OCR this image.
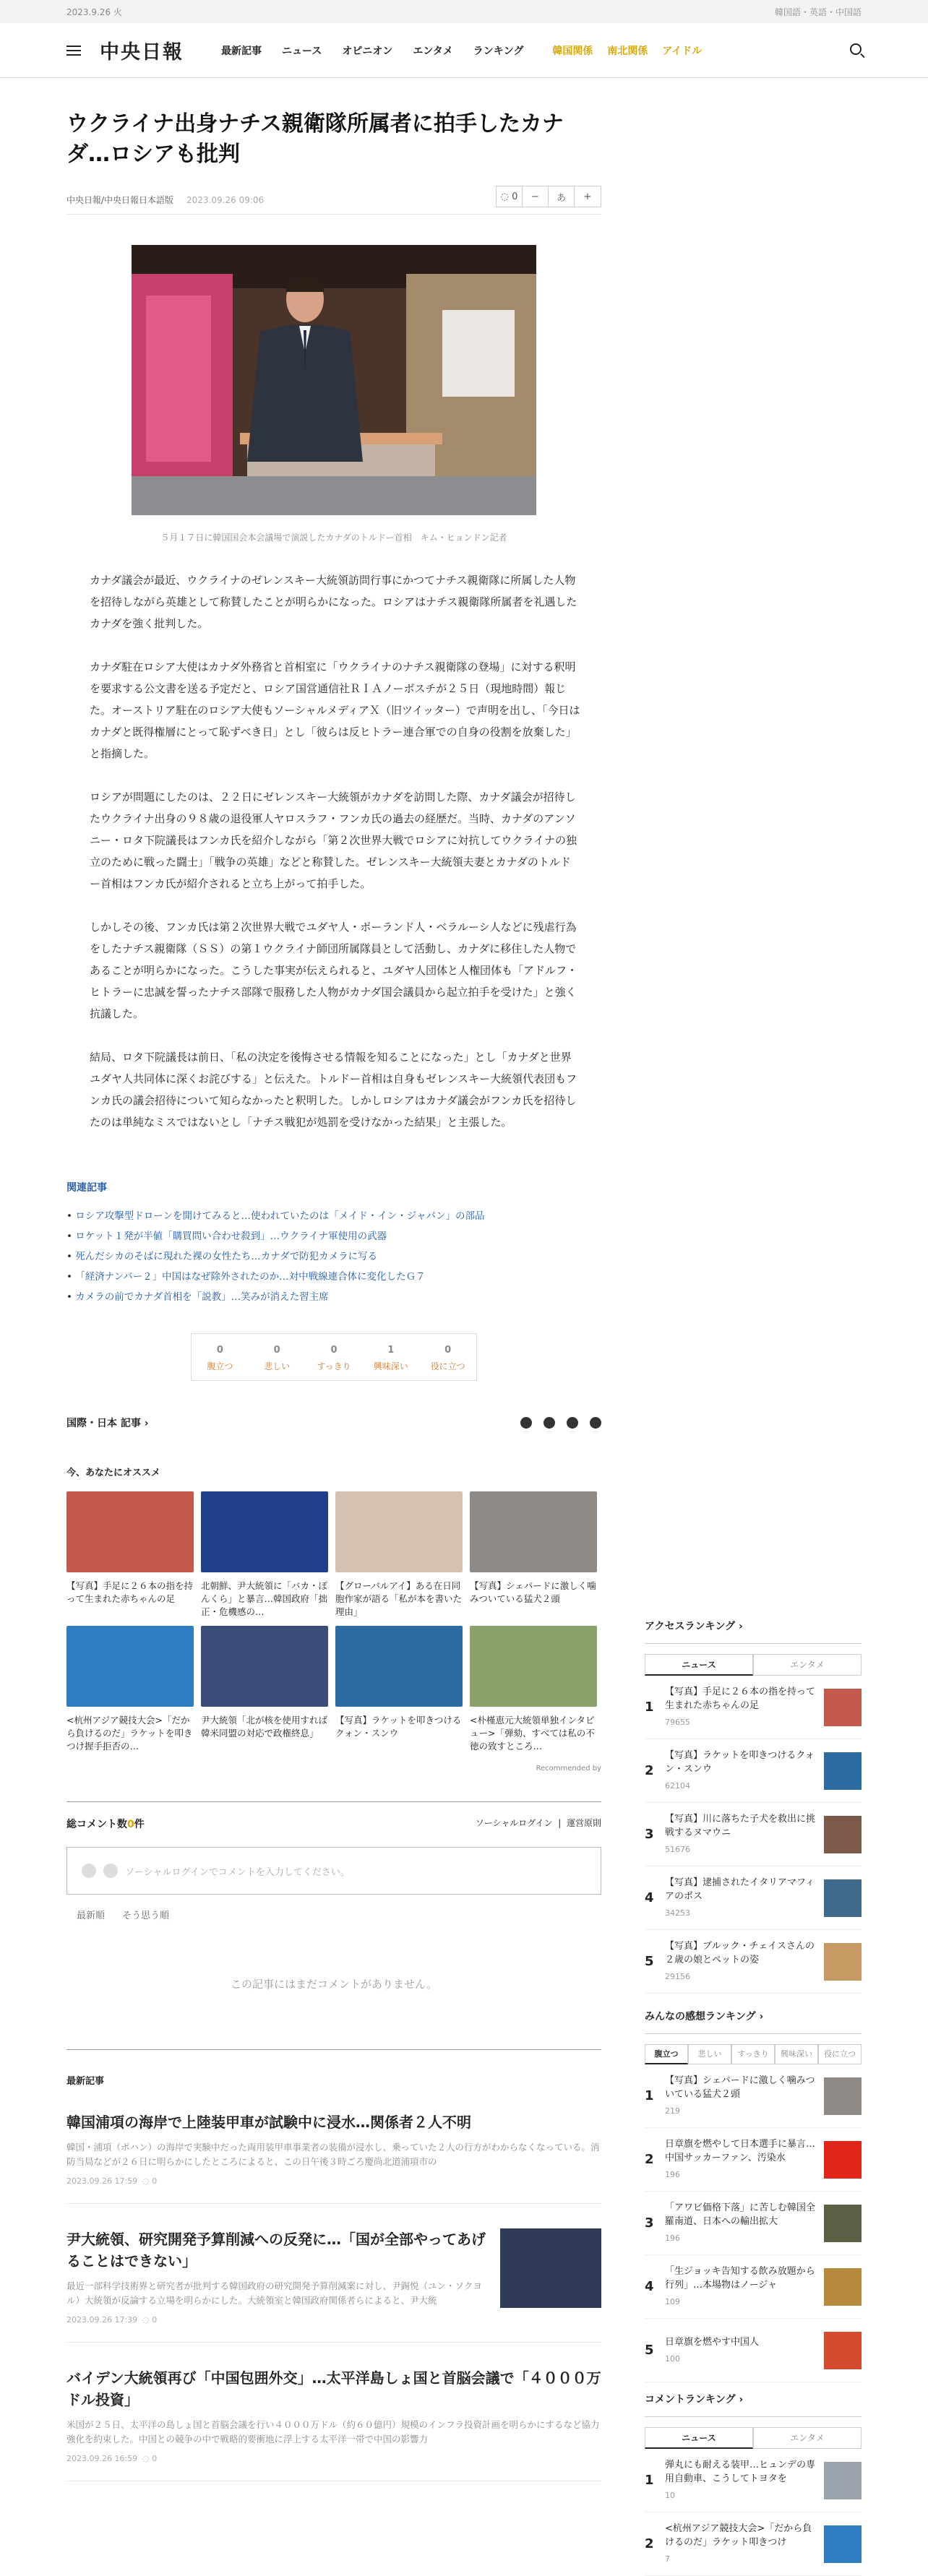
2023.9.26 火	韓国語・英語・中国語
中央日報	最新記事 ニュース オピニオン エンタメ ランキング	韓国関係 南北関係 アイドル
ウクライナ出身ナチス親衛隊所属者に拍手したカナダ…ロシアも批判
中央日報/中央日報日本語版 2023.09.26 09:06	◌ 0	−	あ	+
５月１７日に韓国国会本会議場で演説したカナダのトルドー首相　キム・ヒョンドン記者

カナダ議会が最近、ウクライナのゼレンスキー大統領訪問行事にかつてナチス親衛隊に所属した人物を招待しながら英雄として称賛したことが明らかになった。ロシアはナチス親衛隊所属者を礼遇したカナダを強く批判した。

カナダ駐在ロシア大使はカナダ外務省と首相室に「ウクライナのナチス親衛隊の登場」に対する釈明を要求する公文書を送る予定だと、ロシア国営通信社ＲＩＡノーボスチが２５日（現地時間）報じた。オーストリア駐在のロシア大使もソーシャルメディアＸ（旧ツイッター）で声明を出し、「今日はカナダと既得権層にとって恥ずべき日」とし「彼らは反ヒトラー連合軍での自身の役割を放棄した」と指摘した。

ロシアが問題にしたのは、２２日にゼレンスキー大統領がカナダを訪問した際、カナダ議会が招待したウクライナ出身の９８歳の退役軍人ヤロスラフ・フンカ氏の過去の経歴だ。当時、カナダのアンソニー・ロタ下院議長はフンカ氏を紹介しながら「第２次世界大戦でロシアに対抗してウクライナの独立のために戦った闘士」「戦争の英雄」などと称賛した。ゼレンスキー大統領夫妻とカナダのトルドー首相はフンカ氏が紹介されると立ち上がって拍手した。

しかしその後、フンカ氏は第２次世界大戦でユダヤ人・ポーランド人・ベラルーシ人などに残虐行為をしたナチス親衛隊（ＳＳ）の第１ウクライナ師団所属隊員として活動し、カナダに移住した人物であることが明らかになった。こうした事実が伝えられると、ユダヤ人団体と人権団体も「アドルフ・ヒトラーに忠誠を誓ったナチス部隊で服務した人物がカナダ国会議員から起立拍手を受けた」と強く抗議した。

結局、ロタ下院議長は前日、「私の決定を後悔させる情報を知ることになった」とし「カナダと世界ユダヤ人共同体に深くお詫びする」と伝えた。トルドー首相は自身もゼレンスキー大統領代表団もフンカ氏の議会招待について知らなかったと釈明した。しかしロシアはカナダ議会がフンカ氏を招待したのは単純なミスではないとし「ナチス戦犯が処罰を受けなかった結果」と主張した。

関連記事
• ロシア攻撃型ドローンを開けてみると…使われていたのは「メイド・イン・ジャパン」の部品
• ロケット１発が半値「購買問い合わせ殺到」…ウクライナ軍使用の武器
• 死んだシカのそばに現れた裸の女性たち…カナダで防犯カメラに写る
• 「経済ナンバー２」中国はなぜ除外されたのか…対中戦線連合体に変化したＧ７
• カメラの前でカナダ首相を「説教」…笑みが消えた習主席
0
腹立つ
0
悲しい
0
すっきり
1
興味深い
0
役に立つ
国際・日本 記事 ›
今、あなたにオススメ
【写真】手足に２６本の指を持って生まれた赤ちゃんの足
北朝鮮、尹大統領に「バカ・ぽんくら」と暴言…韓国政府「拙正・危機感の…
【グローバルアイ】ある在日同胞作家が語る「私が本を書いた理由」
【写真】シェパードに激しく噛みついている猛犬２頭
<杭州アジア競技大会>「だから負けるのだ」ラケットを叩きつけ握手拒否の…
尹大統領「北が核を使用すれば韓米同盟の対応で政権終息」
【写真】ラケットを叩きつけるクォン・スンウ
<朴槿恵元大統領単独インタビュー>「弾劾、すべては私の不徳の致すところ…
Recommended by
総コメント数0件	ソーシャルログイン  |  運営原則
ソーシャルログインでコメントを入力してください。
最新順 そう思う順
この記事にはまだコメントがありません。
最新記事
韓国浦項の海岸で上陸装甲車が試験中に浸水…関係者２人不明

韓国・浦項（ポハン）の海岸で実験中だった両用装甲車事業者の装備が浸水し、乗っていた２人の行方がわからなくなっている。消防当局などが２６日に明らかにしたところによると、この日午後３時ごろ慶尚北道浦項市の

2023.09.26 17:59  ◌ 0
尹大統領、研究開発予算削減への反発に…「国が全部やってあげることはできない」

最近一部科学技術界と研究者が批判する韓国政府の研究開発予算削減案に対し、尹錫悦（ユン・ソクヨル）大統領が反論する立場を明らかにした。大統領室と韓国政府関係者らによると、尹大統

2023.09.26 17:39  ◌ 0
バイデン大統領再び「中国包囲外交」…太平洋島しょ国と首脳会議で「４０００万ドル投資」

米国が２５日、太平洋の島しょ国と首脳会議を行い４０００万ドル（約６０億円）規模のインフラ投資計画を明らかにするなど協力強化を約束した。中国との競争の中で戦略的要衝地に浮上する太平洋一帯で中国の影響力

2023.09.26 16:59  ◌ 0
アクセスランキング ›
ニュース	エンタメ
1
【写真】手足に２６本の指を持って生まれた赤ちゃんの足
79655
2
【写真】ラケットを叩きつけるクォン・スンウ
62104
3
【写真】川に落ちた子犬を救出に挑戦するヌマウニ
51676
4
【写真】逮捕されたイタリアマフィアのボス
34253
5
【写真】ブルック・チェイスさんの２歳の娘とペットの姿
29156
みんなの感想ランキング ›
腹立つ	悲しい	すっきり	興味深い	役に立つ
1
【写真】シェパードに激しく噛みついている猛犬２頭
219
2
日章旗を燃やして日本選手に暴言…中国サッカーファン、汚染水
196
3
「アワビ価格下落」に苦しむ韓国全羅南道、日本への輸出拡大
196
4
「生ジョッキ告知する飲み放題から行列」…本場物はノージャ
109
5
日章旗を燃やす中国人
100
コメントランキング ›
ニュース	エンタメ
1
弾丸にも耐える装甲…ヒュンデの専用自動車、こうしてトヨタを
10
2
<杭州アジア競技大会>「だから負けるのだ」ラケット叩きつけ
7
